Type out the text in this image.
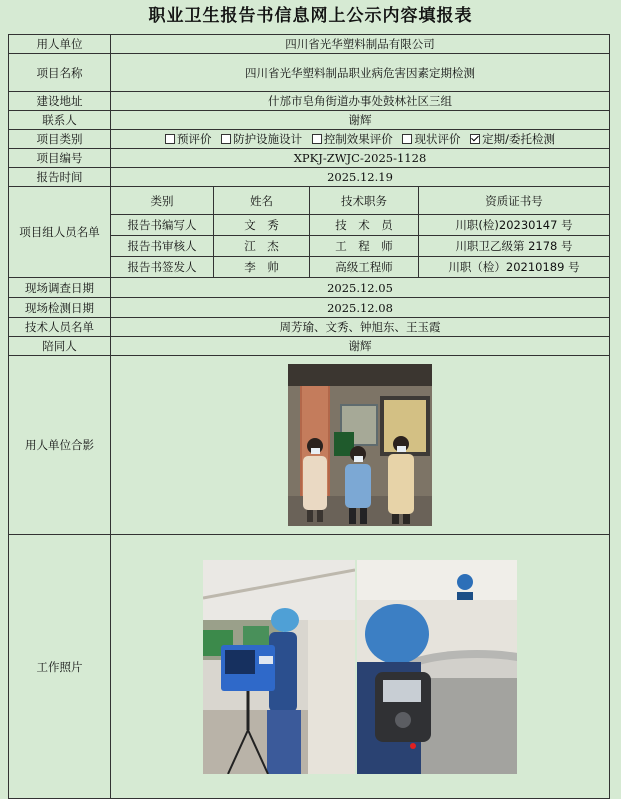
职业卫生报告书信息网上公示内容填报表
用人单位	四川省光华塑料制品有限公司			
项目名称	四川省光华塑料制品职业病危害因素定期检测			
建设地址	什邡市皂角街道办事处鼓林社区三组			
联系人	谢辉			
项目类别	预评价 防护设施设计 控制效果评价 现状评价 定期/委托检测			
项目编号	XPKJ-ZWJC-2025-1128			
报告时间	2025.12.19			
项目组人员名单	类别	姓名	技术职务	资质证书号
	报告书编写人	文　秀	技　术　员	川职(检)20230147 号
	报告书审核人	江　杰	工　程　师	川职卫乙级第 2178 号
	报告书签发人	李　帅	高级工程师	川职（检）20210189 号
现场调查日期	2025.12.05			
现场检测日期	2025.12.08			
技术人员名单	周芳瑜、文秀、钟旭东、王玉霞			
陪同人	谢辉			
用人单位合影	

工作照片	
